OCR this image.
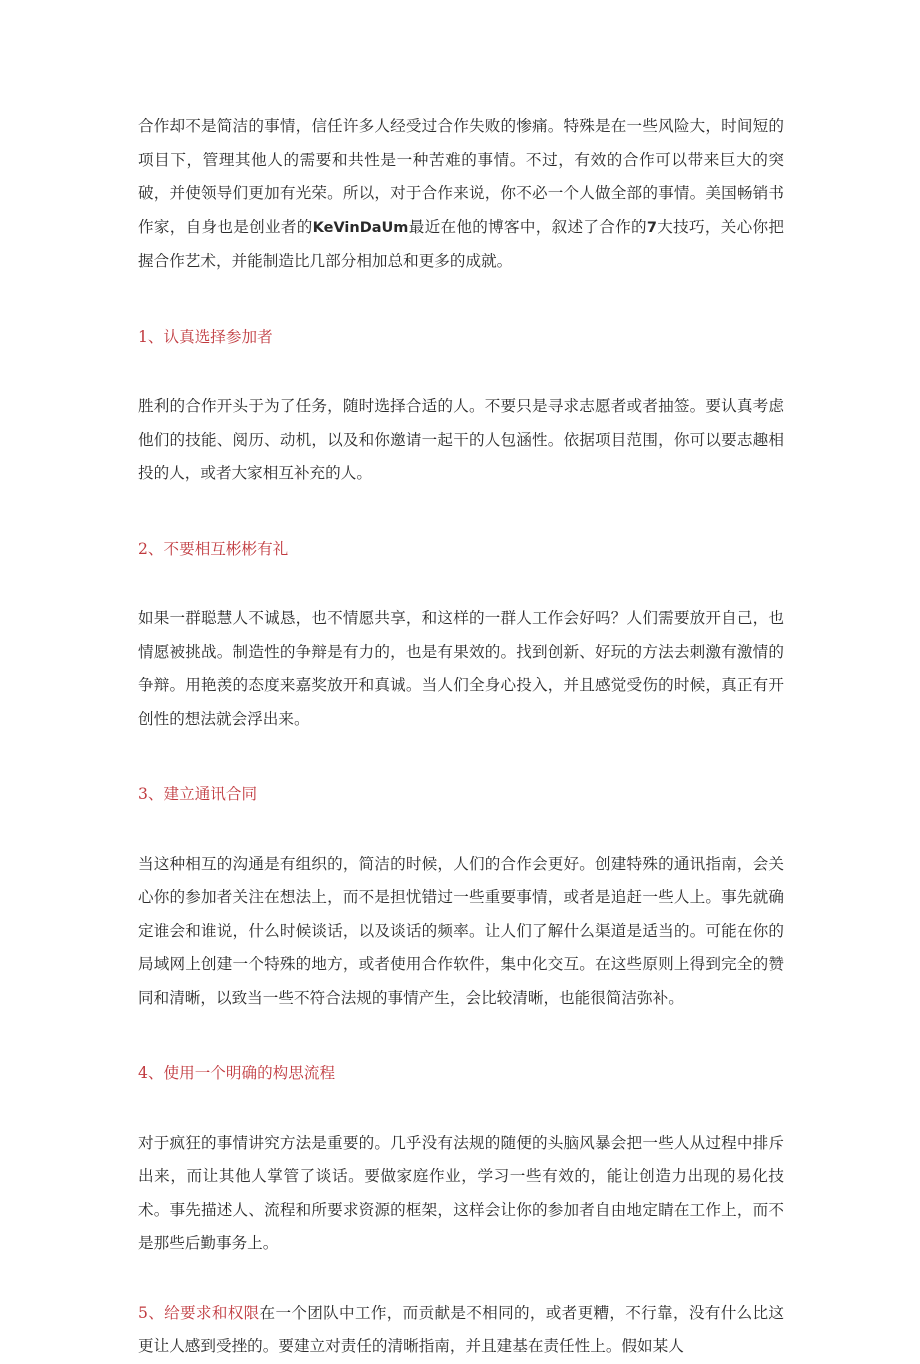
合作却不是简洁的事情，信任许多人经受过合作失败的惨痛。特殊是在一些风险大，时间短的项目下，管理其他人的需要和共性是一种苦难的事情。不过，有效的合作可以带来巨大的突破，并使领导们更加有光荣。所以，对于合作来说，你不必一个人做全部的事情。美国畅销书作家，自身也是创业者的KeVinDaUm最近在他的博客中，叙述了合作的7大技巧，关心你把握合作艺术，并能制造比几部分相加总和更多的成就。

1、认真选择参加者

胜利的合作开头于为了任务，随时选择合适的人。不要只是寻求志愿者或者抽签。要认真考虑他们的技能、阅历、动机，以及和你邀请一起干的人包涵性。依据项目范围，你可以要志趣相投的人，或者大家相互补充的人。

2、不要相互彬彬有礼

如果一群聪慧人不诚恳，也不情愿共享，和这样的一群人工作会好吗？人们需要放开自己，也情愿被挑战。制造性的争辩是有力的，也是有果效的。找到创新、好玩的方法去刺激有激情的争辩。用艳羡的态度来嘉奖放开和真诚。当人们全身心投入，并且感觉受伤的时候，真正有开创性的想法就会浮出来。

3、建立通讯合同

当这种相互的沟通是有组织的，简洁的时候，人们的合作会更好。创建特殊的通讯指南，会关心你的参加者关注在想法上，而不是担忧错过一些重要事情，或者是追赶一些人上。事先就确定谁会和谁说，什么时候谈话，以及谈话的频率。让人们了解什么渠道是适当的。可能在你的局域网上创建一个特殊的地方，或者使用合作软件，集中化交互。在这些原则上得到完全的赞同和清晰，以致当一些不符合法规的事情产生，会比较清晰，也能很简洁弥补。

4、使用一个明确的构思流程

对于疯狂的事情讲究方法是重要的。几乎没有法规的随便的头脑风暴会把一些人从过程中排斥出来，而让其他人掌管了谈话。要做家庭作业，学习一些有效的，能让创造力出现的易化技术。事先描述人、流程和所要求资源的框架，这样会让你的参加者自由地定睛在工作上，而不是那些后勤事务上。

5、给要求和权限在一个团队中工作，而贡献是不相同的，或者更糟，不行靠，没有什么比这更让人感到受挫的。要建立对责任的清晰指南，并且建基在责任性上。假如某人
